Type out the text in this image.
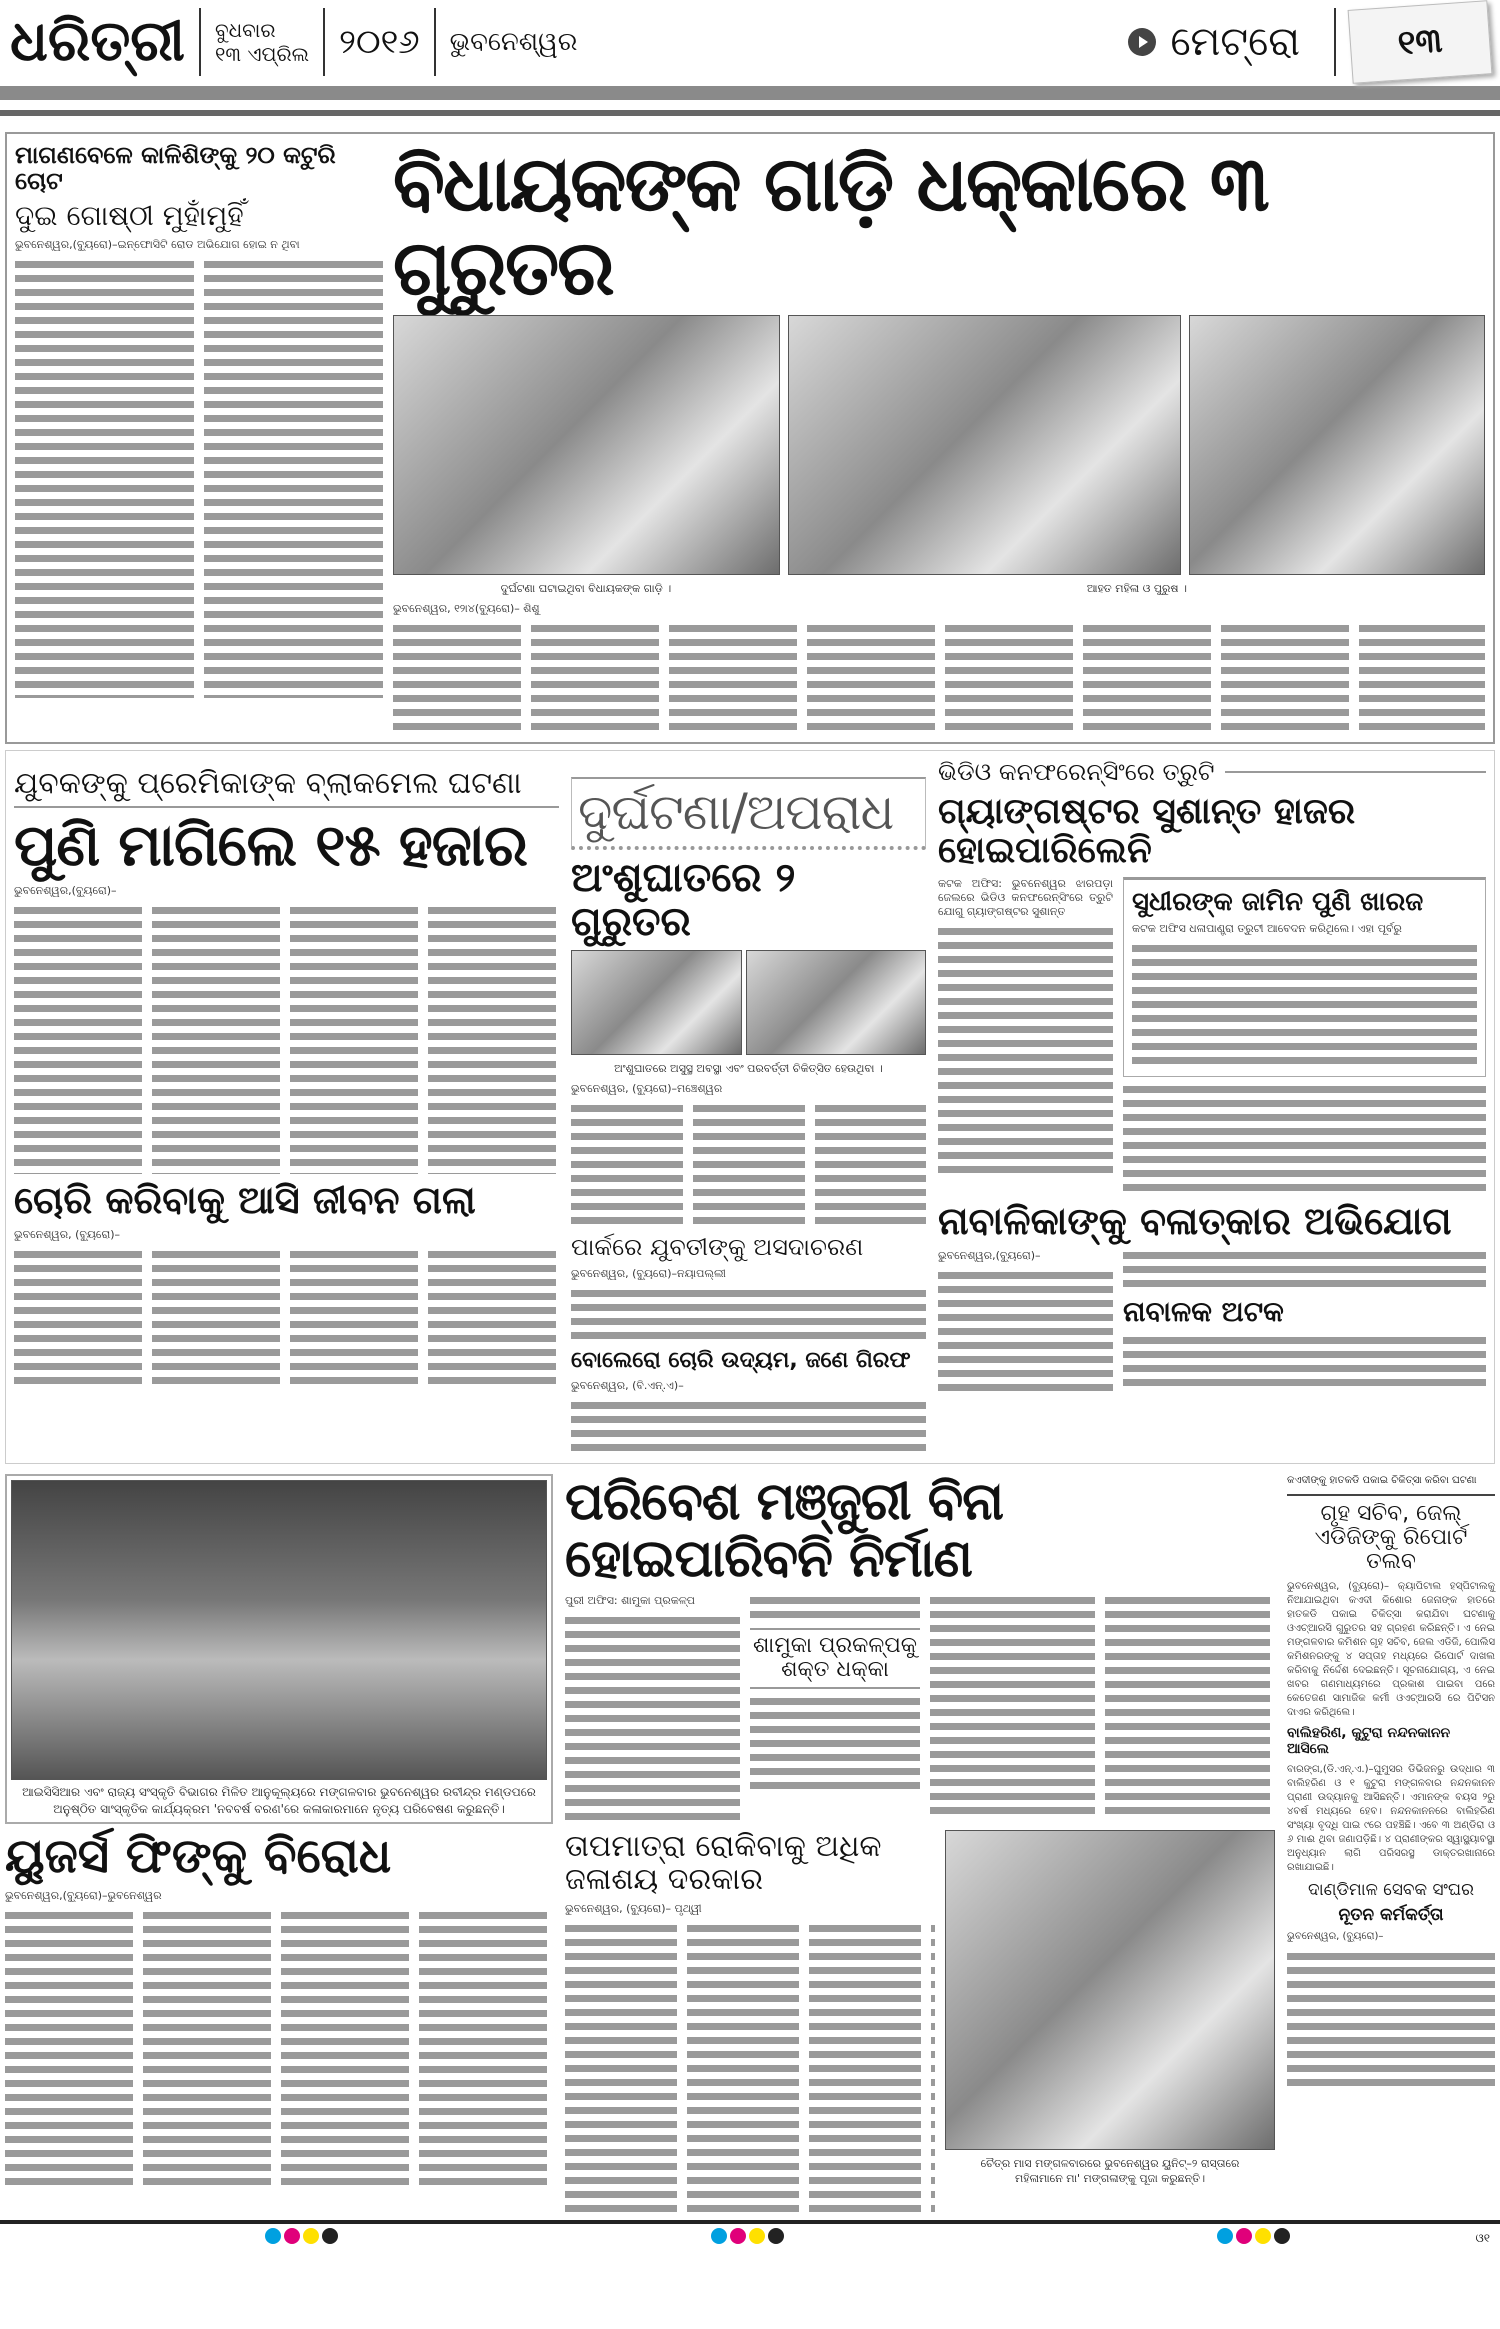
ଧରିତ୍ରୀ ବୁଧବାର
୧୩ ଏପ୍ରିଲ ୨୦୧୬ ଭୁବନେଶ୍ୱର	ମେଟ୍ରୋ	୧୩
ମାଗଣବେଳେ କାଳିଶିଙ୍କୁ ୨୦ କଟୁରି ଚୋଟ
ଦୁଇ ଗୋଷ୍ଠୀ ମୁହାଁମୁହିଁ
ଭୁବନେଶ୍ୱର,(ବ୍ୟୁରୋ)–ଇନ୍‌ଫୋସିଟି ରୋଡ ଅଭିଯୋଗ ହୋଇ ନ ଥିବା
ବିଧାୟକଙ୍କ ଗାଡ଼ି ଧକ୍କାରେ ୩ ଗୁରୁତର
ଦୁର୍ଘଟଣା ଘଟାଇଥିବା ବିଧାୟକଙ୍କ ଗାଡ଼ି ।	ଆହତ ମହିଳା ଓ ପୁରୁଷ ।
ଭୁବନେଶ୍ୱର, ୧୨ା୪(ବ୍ୟୁରୋ)– ଶିଶୁ
ଯୁବକଙ୍କୁ ପ୍ରେମିକାଙ୍କ ବ୍ଲାକମେଲ ଘଟଣା
ପୁଣି ମାଗିଲେ ୧୫ ହଜାର
ଭୁବନେଶ୍ୱର,(ବ୍ୟୁରୋ)–
ଚୋରି କରିବାକୁ ଆସି ଜୀବନ ଗଲା
ଭୁବନେଶ୍ୱର, (ବ୍ୟୁରୋ)–
ଦୁର୍ଘଟଣା/ଅପରାଧ
ଅଂଶୁଘାତରେ ୨ ଗୁରୁତର
ଅଂଶୁଘାତରେ ଅସୁସ୍ଥ ଅବସ୍ଥା ଏବଂ ପରବର୍ତ୍ତୀ ଚିକିତ୍ସିତ ହେଉଥିବା ।
ଭୁବନେଶ୍ୱର, (ବ୍ୟୁରୋ)–ମଞ୍ଚେଶ୍ୱର
ପାର୍କରେ ଯୁବତୀଙ୍କୁ ଅସଦାଚରଣ
ଭୁବନେଶ୍ୱର, (ବ୍ୟୁରୋ)–ନୟାପଲ୍ଲୀ
ବୋଲେରୋ ଚୋରି ଉଦ୍ୟମ, ଜଣେ ଗିରଫ
ଭୁବନେଶ୍ୱର, (ବି.ଏନ୍.ଏ)–
ଭିଡିଓ କନଫରେନ୍ସିଂରେ ତ୍ରୁଟି
ଗ୍ୟାଙ୍ଗଷ୍ଟର ସୁଶାନ୍ତ ହାଜର ହୋଇପାରିଲେନି
କଟକ ଅଫିସ: ଭୁବନେଶ୍ୱର ଝାରପଡ଼ା ଜେଲରେ ଭିଡିଓ କନଫରେନ୍ସିଂରେ ତ୍ରୁଟି ଯୋଗୁ ଗ୍ୟାଙ୍ଗଷ୍ଟର ସୁଶାନ୍ତ	ସୁଧୀରଙ୍କ ଜାମିନ ପୁଣି ଖାରଜ
କଟକ ଅଫିସ ଧଳାପାଣ୍ଡ୍ରା ତ୍ରୁଟୀ ଆବେଦନ କରିଥିଲେ। ଏହା ପୂର୍ବରୁ
ନାବାଳିକାଙ୍କୁ ବଳାତ୍କାର ଅଭିଯୋଗ
ଭୁବନେଶ୍ୱର,(ବ୍ୟୁରୋ)–
ନାବାଳକ ଅଟକ
ଆଇସିସିଆର ଏବଂ ରାଜ୍ୟ ସଂସ୍କୃତି ବିଭାଗର ମିଳିତ ଆନୁକୂଲ୍ୟରେ ମଙ୍ଗଳବାର ଭୁବନେଶ୍ୱର ରବୀନ୍ଦ୍ର ମଣ୍ଡପରେ
ଅନୁଷ୍ଠିତ ସାଂସ୍କୃତିକ କାର୍ଯ୍ୟକ୍ରମ 'ନବବର୍ଷ ବରଣ'ରେ କଳାକାରମାନେ ନୃତ୍ୟ ପରିବେଷଣ କରୁଛନ୍ତି।
ୟୁଜର୍ସ ଫିଙ୍କୁ ବିରୋଧ
ଭୁବନେଶ୍ୱର,(ବ୍ୟୁରୋ)–ଭୁବନେଶ୍ୱର
ପରିବେଶ ମଞ୍ଜୁରୀ ବିନା ହୋଇପାରିବନି ନିର୍ମାଣ
ପୁରୀ ଅଫିସ: ଶାମୁକା ପ୍ରକଳ୍ପ
ଶାମୁକା ପ୍ରକଳ୍ପକୁ
ଶକ୍ତ ଧକ୍କା
ତାପମାତ୍ରା ରୋକିବାକୁ ଅଧିକ ଜଳାଶୟ ଦରକାର
ଭୁବନେଶ୍ୱର, (ବ୍ୟୁରୋ)– ପୃଥ୍ୱୀ
ଚୈତ୍ର ମାସ ମଙ୍ଗଳବାରରେ ଭୁବନେଶ୍ୱର ୟୁନିଟ୍–୨ ରାସ୍ତାରେ
ମହିଳାମାନେ ମା' ମଙ୍ଗଳାଙ୍କୁ ପୂଜା କରୁଛନ୍ତି।
କଏଦୀଙ୍କୁ ହାତକଡି ପକାଇ ଚିକିତ୍ସା କରିବା ଘଟଣା
ଗୃହ ସଚିବ, ଜେଲ୍ ଏଡିଜିଙ୍କୁ ରିପୋର୍ଟ ତଲବ
ଭୁବନେଶ୍ୱର, (ବ୍ୟୁରୋ)– କ୍ୟାପିଟାଲ ହସ୍ପିଟାଲକୁ ନିଆଯାଇଥିବା କଏଦୀ କିଶୋର ଜେନାଙ୍କ ହାତରେ ହାତକଡି ପକାଇ ଚିକିତ୍ସା କରାଯିବା ଘଟଣାକୁ ଓଏଚ୍‌ଆରସି ଗୁରୁତର ସହ ଗ୍ରହଣ କରିଛନ୍ତି। ଏ ନେଇ ମଙ୍ଗଳବାର କମିଶନ ଗୃହ ସଚିବ, ଜେଲ ଏଡିଜି, ପୋଲିସ କମିଶନରଙ୍କୁ ୪ ସପ୍ତାହ ମଧ୍ୟରେ ରିପୋର୍ଟ ଦାଖଲ କରିବାକୁ ନିର୍ଦ୍ଦେଶ ଦେଇଛନ୍ତି। ସୂଚନାଯୋଗ୍ୟ, ଏ ନେଇ ଖବର ଗଣମାଧ୍ୟମରେ ପ୍ରକାଶ ପାଇବା ପରେ କେତେଜଣ ସାମାଜିକ କର୍ମୀ ଓଏଚ୍‌ଆରସି ରେ ପିଟିସନ ଦାଏର କରିଥିଲେ।
ବାଲିହରିଣ, କୁଟୁରା ନନ୍ଦନକାନନ ଆସିଲେ
ବାରଙ୍ଗ,(ଡି.ଏନ୍.ଏ.)–ଘୁମୁସର ଡିଭିଜନରୁ ଉଦ୍ଧାର ୩ ବାଲିହରିଣ ଓ ୧ କୁଟୁରା ମଙ୍ଗଳବାର ନନ୍ଦନକାନନ ପ୍ରାଣୀ ଉଦ୍ୟାନକୁ ଆସିଛନ୍ତି। ଏମାନଙ୍କ ବୟସ ୨ରୁ ୪ବର୍ଷ ମଧ୍ୟରେ ହେବ। ନନ୍ଦନକାନନରେ ବାଲିହରିଣ ସଂଖ୍ୟା ବୃଦ୍ଧି ପାଇ ୯ରେ ପହଞ୍ଚିଛି। ଏବେ ୩ ଅଣ୍ଡିରା ଓ ୬ ମାଈ ଥିବା ଜଣାପଡ଼ିଛି। ୪ ପ୍ରାଣୀଙ୍କର ସ୍ୱାସ୍ଥ୍ୟାବସ୍ଥା ଅନୁଧ୍ୟାନ ଲାଗି ପରିସରସ୍ଥ ଡାକ୍ତରଖାନାରେ ରଖାଯାଇଛି।
ଦାଣ୍ଡିମାଳ ସେବକ ସଂଘର
ନୂତନ କର୍ମକର୍ତ୍ତା
ଭୁବନେଶ୍ୱର, (ବ୍ୟୁରୋ)–
ଓ୧
